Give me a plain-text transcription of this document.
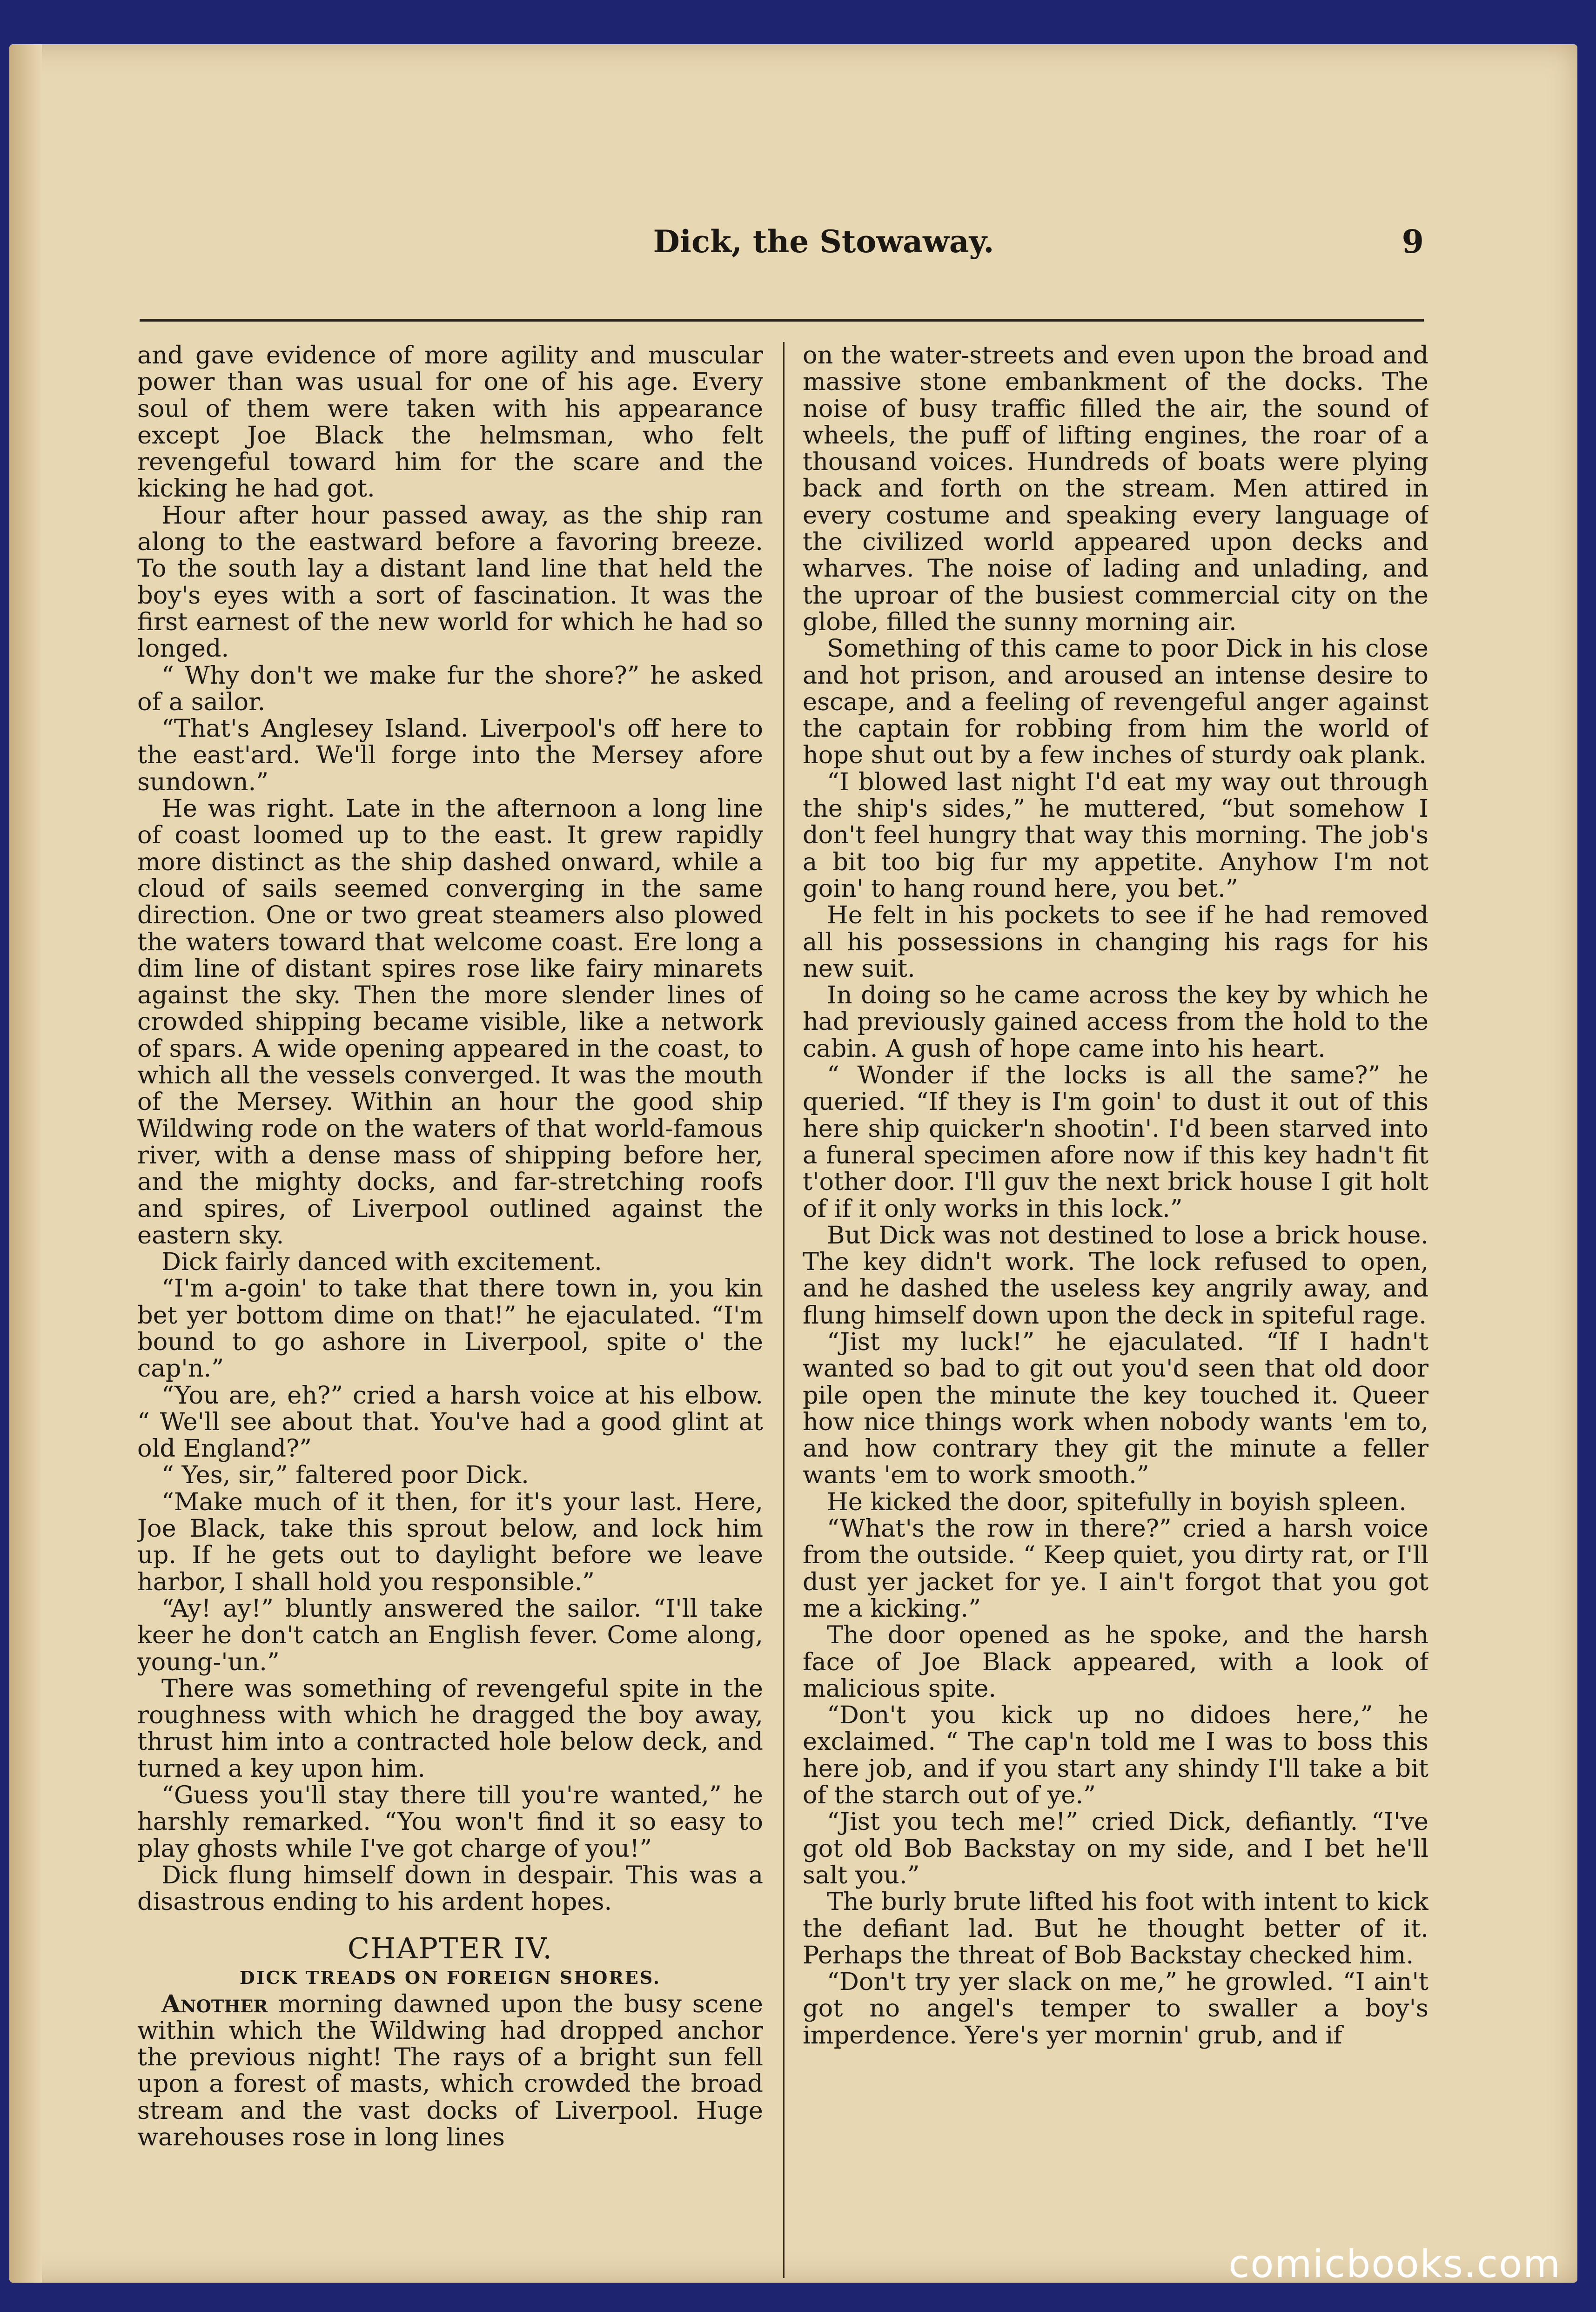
Dick, the Stowaway.	9

and gave evidence of more agility and muscular power than was usual for one of his age. Every soul of them were taken with his appearance except Joe Black the helmsman, who felt revengeful toward him for the scare and the kicking he had got.

Hour after hour passed away, as the ship ran along to the eastward before a favoring breeze. To the south lay a distant land line that held the boy's eyes with a sort of fascination. It was the first earnest of the new world for which he had so longed.

“ Why don't we make fur the shore?” he asked of a sailor.

“That's Anglesey Island. Liverpool's off here to the east'ard. We'll forge into the Mersey afore sundown.”

He was right. Late in the afternoon a long line of coast loomed up to the east. It grew rapidly more distinct as the ship dashed onward, while a cloud of sails seemed converging in the same direction. One or two great steamers also plowed the waters toward that welcome coast. Ere long a dim line of distant spires rose like fairy minarets against the sky. Then the more slender lines of crowded shipping became visible, like a network of spars. A wide opening appeared in the coast, to which all the vessels converged. It was the mouth of the Mersey. Within an hour the good ship Wildwing rode on the waters of that world-famous river, with a dense mass of shipping before her, and the mighty docks, and far-stretching roofs and spires, of Liverpool outlined against the eastern sky.

Dick fairly danced with excitement.

“I'm a-goin' to take that there town in, you kin bet yer bottom dime on that!” he ejaculated. “I'm bound to go ashore in Liverpool, spite o' the cap'n.”

“You are, eh?” cried a harsh voice at his elbow. “ We'll see about that. You've had a good glint at old England?”

“ Yes, sir,” faltered poor Dick.

“Make much of it then, for it's your last. Here, Joe Black, take this sprout below, and lock him up. If he gets out to daylight before we leave harbor, I shall hold you responsible.”

“Ay! ay!” bluntly answered the sailor. “I'll take keer he don't catch an English fever. Come along, young-'un.”

There was something of revengeful spite in the roughness with which he dragged the boy away, thrust him into a contracted hole below deck, and turned a key upon him.

“Guess you'll stay there till you're wanted,” he harshly remarked. “You won't find it so easy to play ghosts while I've got charge of you!”

Dick flung himself down in despair. This was a disastrous ending to his ardent hopes.

CHAPTER IV.
DICK TREADS ON FOREIGN SHORES.

Another morning dawned upon the busy scene within which the Wildwing had dropped anchor the previous night! The rays of a bright sun fell upon a forest of masts, which crowded the broad stream and the vast docks of Liverpool. Huge warehouses rose in long lines

on the water-streets and even upon the broad and massive stone embankment of the docks. The noise of busy traffic filled the air, the sound of wheels, the puff of lifting engines, the roar of a thousand voices. Hundreds of boats were plying back and forth on the stream. Men attired in every costume and speaking every language of the civilized world appeared upon decks and wharves. The noise of lading and unlading, and the uproar of the busiest commercial city on the globe, filled the sunny morning air.

Something of this came to poor Dick in his close and hot prison, and aroused an intense desire to escape, and a feeling of revengeful anger against the captain for robbing from him the world of hope shut out by a few inches of sturdy oak plank.

“I blowed last night I'd eat my way out through the ship's sides,” he muttered, “but somehow I don't feel hungry that way this morning. The job's a bit too big fur my appetite. Anyhow I'm not goin' to hang round here, you bet.”

He felt in his pockets to see if he had removed all his possessions in changing his rags for his new suit.

In doing so he came across the key by which he had previously gained access from the hold to the cabin. A gush of hope came into his heart.

“ Wonder if the locks is all the same?” he queried. “If they is I'm goin' to dust it out of this here ship quicker'n shootin'. I'd been starved into a funeral specimen afore now if this key hadn't fit t'other door. I'll guv the next brick house I git holt of if it only works in this lock.”

But Dick was not destined to lose a brick house. The key didn't work. The lock refused to open, and he dashed the useless key angrily away, and flung himself down upon the deck in spiteful rage.

“Jist my luck!” he ejaculated. “If I hadn't wanted so bad to git out you'd seen that old door pile open the minute the key touched it. Queer how nice things work when nobody wants 'em to, and how contrary they git the minute a feller wants 'em to work smooth.”

He kicked the door, spitefully in boyish spleen.

“What's the row in there?” cried a harsh voice from the outside. “ Keep quiet, you dirty rat, or I'll dust yer jacket for ye. I ain't forgot that you got me a kicking.”

The door opened as he spoke, and the harsh face of Joe Black appeared, with a look of malicious spite.

“Don't you kick up no didoes here,” he exclaimed. “ The cap'n told me I was to boss this here job, and if you start any shindy I'll take a bit of the starch out of ye.”

“Jist you tech me!” cried Dick, defiantly. “I've got old Bob Backstay on my side, and I bet he'll salt you.”

The burly brute lifted his foot with intent to kick the defiant lad. But he thought better of it. Perhaps the threat of Bob Backstay checked him.

“Don't try yer slack on me,” he growled. “I ain't got no angel's temper to swaller a boy's imperdence. Yere's yer mornin' grub, and if

comicbooks.com
